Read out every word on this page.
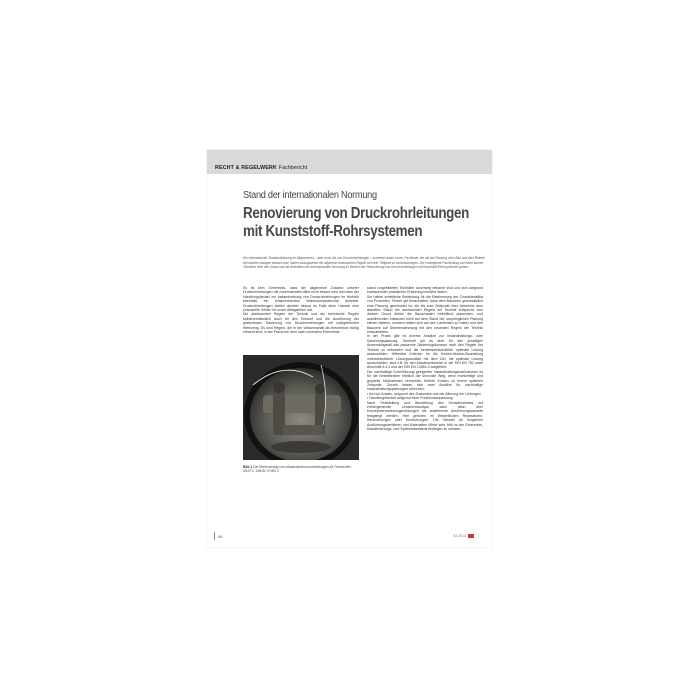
RECHT & REGELWERK Fachbericht
Stand der internationalen Normung
Renovierung von Druckrohrleitungen
mit Kunststoff-Rohrsystemen
Die internationale Standardisierung im Allgemeinen – aber auch die von Druckrohrleitungen – schreitet rasant voran. Fachleute, die mit der Planung, dem Bau und dem Betrieb technischer Anlagen betraut sind, haben zwangsweise die allgemein anerkannten Regeln bei ihrer Tätigkeit zu berücksichtigen. Der vorliegende Fachbeitrag soll einen kurzen Überblick über den Stand und die Aktivitäten der internationalen Normung im Bereich der Renovierung von Druckrohrleitungen mit Kunststoff-Rohrsystemen geben.

Es ist kein Geheimnis, dass der allgemeine Zustand unserer Druckrohrleitungen mit zunehmendem Alter nicht besser wird und dass der Handlungsbedarf zur Instandsetzung von Druckrohrleitungen im Hinblick ebenfalls ein entsprechendes Wachstumspotenzial aufweist. Druckrohrleitungen stellen darüber hinaus im Falle einer Havarie eine potenzielle Gefahr für unser Alltagsleben dar.

Die anerkannten Regeln der Technik und als technische Regeln selbstverständlich auch für den Entwurf und die Ausführung der grabenlosen Sanierung von Druckrohrleitungen mit maßgebenden Werkzeug. Es sind Regeln, die in der Wissenschaft als theoretisch richtig erkannt sind, in der Praxis bei dem nach neuestem Erkenntnis-

Bild 1 Die Renovierung von Abwasserdruckrohrleitungen ist Thema des ISO/TC 138/SC 8 WG 2

stand vorgebildeten Techniker durchweg bekannt sind und sich aufgrund fortdauernder praktischer Erfahrung bewährt haben.

Sie haben erhebliche Bedeutung für die Bestimmung der Charakteristika von Produkten. Ferner gilt festzuhalten, dass dem Bauherrn grundsätzlich eine Planung geschuldet ist, die bis zum Zeitpunkt ihrer Abnahme dem aktuellen Stand der anerkannten Regeln der Technik entspricht. Aus diesem Grund dürfen die Bauschaden betreffend planenden- und ausführenden Instanzen nicht auf dem Stand der ursprünglichen Planung stehen bleiben, sondern haben sich auf den Laufenden zu halten und den Bauwerk auf Übereinstimmung mit den neuesten Regeln der Technik hinzuarbeiten.

In der Praxis gibt es diverse Ansätze zur Instandhaltungs- oder Sanierungsplanung. Generell gilt es aber für den jeweiligen Anwendungsfall das passende Sanierungskonzept nach den Regeln der Technik zu entwerfen und die betriebswirtschaftlich optimale Lösung auszuwählen. Hilfreiche Kriterien für die Kosten-Nutzen-Beurteilung unterschiedlicher Lösungsansätze mit dem Ziel, die optimale Lösung auszuwählen, sind z.B. für den Abwasserbereich in der DIN EN 752 unter Abschnitt 6.4.3 und der DIN EN 13454-2 aufgeführt.

Der nachhaltige Durchführung geeigneter Instandhaltungsmaßnahmen ist für die Netzbetreiber letztlich der sinnvolle Weg, denn rechtzeitige und geplante Maßnahmen vermeiden frühere Kosten zu einem späteren Zeitpunkt. Zurzeit lassen sich zwei Ansätze für nachhaltige Instandhaltungsplanungen erkennen:

• Ad-hoc-Ansatz: aufgrund des Zustandes und der Alterung der Leitungen

• Handlungsbedarf aufgrund einer Funktionsanpassung

Nach Feststellung und Beurteilung des Schadensbildes mit einhergehender Ursachenanalyse kann dann über Konzeptverschiebungsrichtungen die anstehende Ausführungsvariante festgelegt werden. Hier gehören im Wesentlichen Reparaturen, Renovierungen oder Erneuerungen. Die Vielzahl an möglichen Ausführungsverfahren und Materialien führte sehr früh zu der Erkenntnis, Klassifizierungs- und Systemstandards festlegen zu müssen.

48	03 2013
